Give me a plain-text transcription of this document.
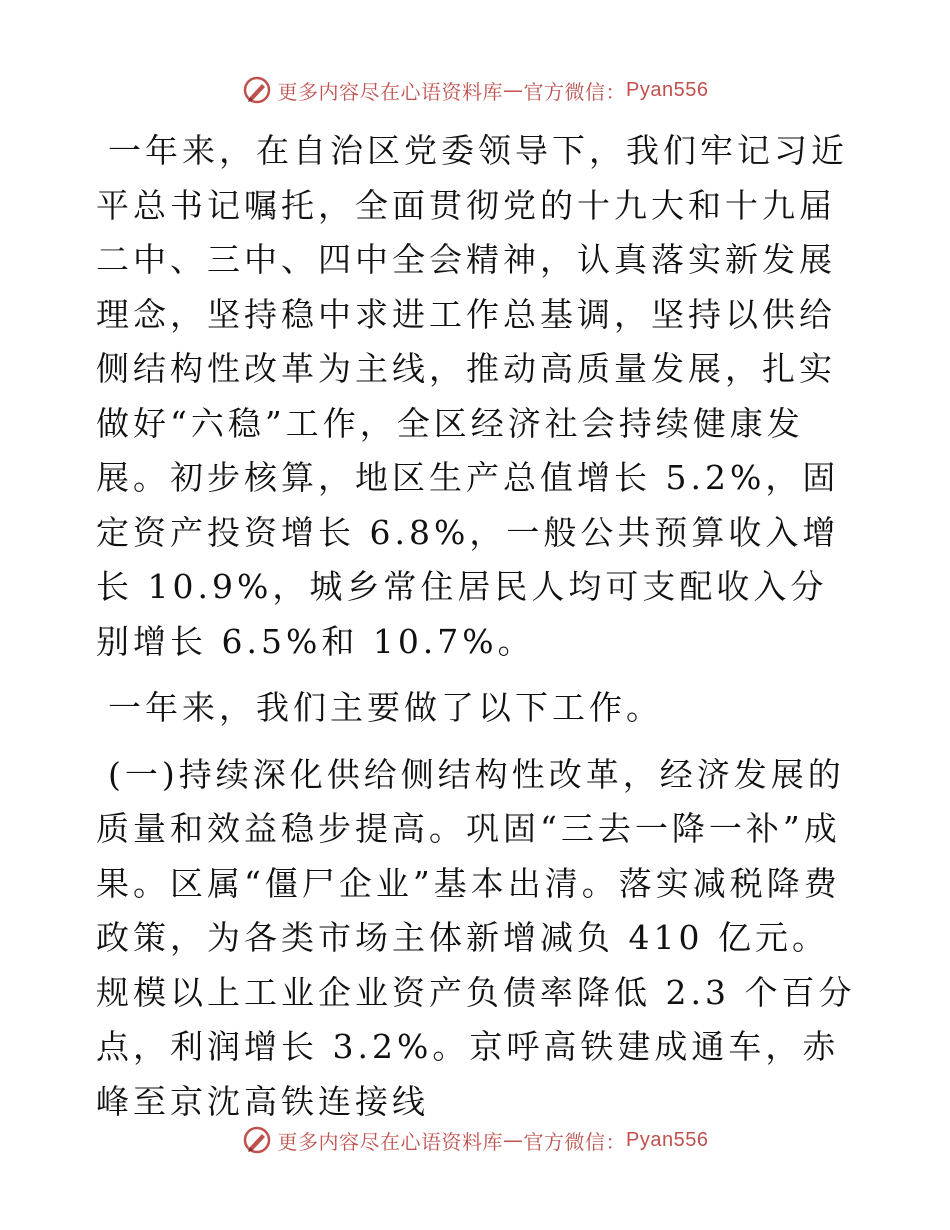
更多内容尽在心语资料库 — 官方微信： Pyan556

一年来，在自治区党委领导下，我们牢记习近平总书记嘱托，全面贯彻党的十九大和十九届二中、三中、四中全会精神，认真落实新发展理念，坚持稳中求进工作总基调，坚持以供给侧结构性改革为主线，推动高质量发展，扎实做好“六稳”工作，全区经济社会持续健康发展。初步核算，地区生产总值增长 5.2%，固定资产投资增长 6.8%，一般公共预算收入增长 10.9%，城乡常住居民人均可支配收入分别增长 6.5%和 10.7%。

一年来，我们主要做了以下工作。

(一)持续深化供给侧结构性改革，经济发展的质量和效益稳步提高。巩固“三去一降一补”成果。区属“僵尸企业”基本出清。落实减税降费政策，为各类市场主体新增减负 410 亿元。规模以上工业企业资产负债率降低 2.3 个百分点，利润增长 3.2%。京呼高铁建成通车，赤峰至京沈高铁连接线

更多内容尽在心语资料库 — 官方微信： Pyan556
